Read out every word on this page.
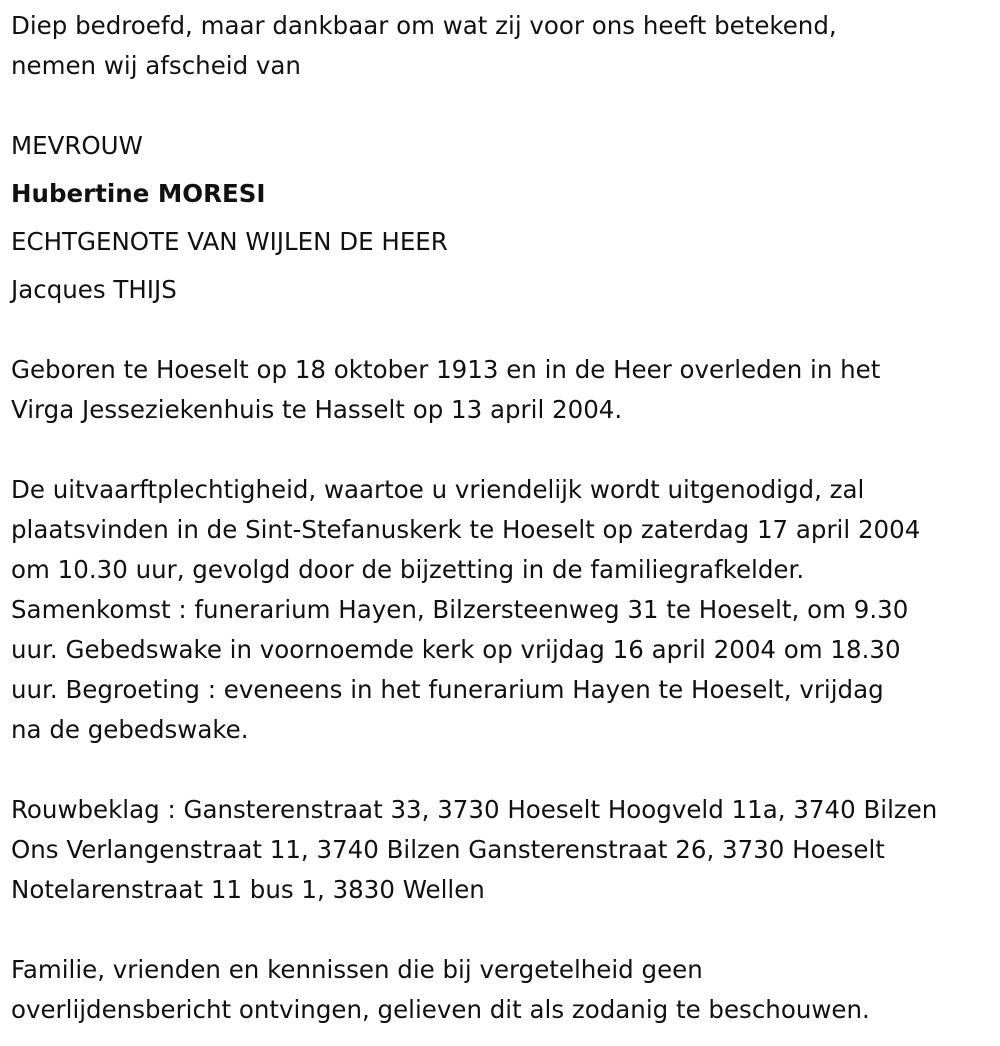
Diep bedroefd, maar dankbaar om wat zij voor ons heeft betekend,
nemen wij afscheid van
MEVROUW
Hubertine MORESI
ECHTGENOTE VAN WIJLEN DE HEER
Jacques THIJS
Geboren te Hoeselt op 18 oktober 1913 en in de Heer overleden in het
Virga Jesseziekenhuis te Hasselt op 13 april 2004.
De uitvaarftplechtigheid, waartoe u vriendelijk wordt uitgenodigd, zal
plaatsvinden in de Sint-Stefanuskerk te Hoeselt op zaterdag 17 april 2004
om 10.30 uur, gevolgd door de bijzetting in de familiegrafkelder.
Samenkomst : funerarium Hayen, Bilzersteenweg 31 te Hoeselt, om 9.30
uur. Gebedswake in voornoemde kerk op vrijdag 16 april 2004 om 18.30
uur. Begroeting : eveneens in het funerarium Hayen te Hoeselt, vrijdag
na de gebedswake.
Rouwbeklag : Gansterenstraat 33, 3730 Hoeselt Hoogveld 11a, 3740 Bilzen
Ons Verlangenstraat 11, 3740 Bilzen Gansterenstraat 26, 3730 Hoeselt
Notelarenstraat 11 bus 1, 3830 Wellen
Familie, vrienden en kennissen die bij vergetelheid geen
overlijdensbericht ontvingen, gelieven dit als zodanig te beschouwen.
